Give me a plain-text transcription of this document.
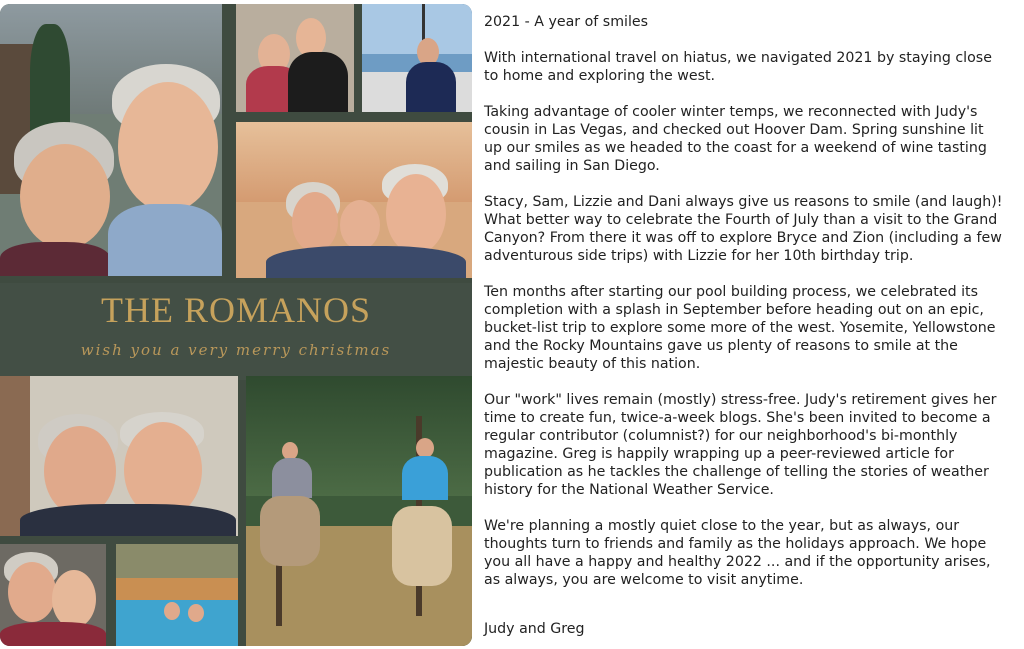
THE ROMANOS
wish you a very merry christmas

2021 - A year of smiles

With international travel on hiatus, we navigated 2021 by staying close to home and exploring the west.

Taking advantage of cooler winter temps, we reconnected with Judy's cousin in Las Vegas, and checked out Hoover Dam. Spring sunshine lit up our smiles as we headed to the coast for a weekend of wine tasting and sailing in San Diego.

Stacy, Sam, Lizzie and Dani always give us reasons to smile (and laugh)! What better way to celebrate the Fourth of July than a visit to the Grand Canyon? From there it was off to explore Bryce and Zion (including a few adventurous side trips) with Lizzie for her 10th birthday trip.

Ten months after starting our pool building process, we celebrated its completion with a splash in September before heading out on an epic, bucket-list trip to explore some more of the west. Yosemite, Yellowstone and the Rocky Mountains gave us plenty of reasons to smile at the majestic beauty of this nation.

Our "work" lives remain (mostly) stress-free. Judy's retirement gives her time to create fun, twice-a-week blogs. She's been invited to become a regular contributor (columnist?) for our neighborhood's bi-monthly magazine. Greg is happily wrapping up a peer-reviewed article for publication as he tackles the challenge of telling the stories of weather history for the National Weather Service.

We're planning a mostly quiet close to the year, but as always, our thoughts turn to friends and family as the holidays approach. We hope you all have a happy and healthy 2022 ... and if the opportunity arises, as always, you are welcome to visit anytime.

Judy and Greg
